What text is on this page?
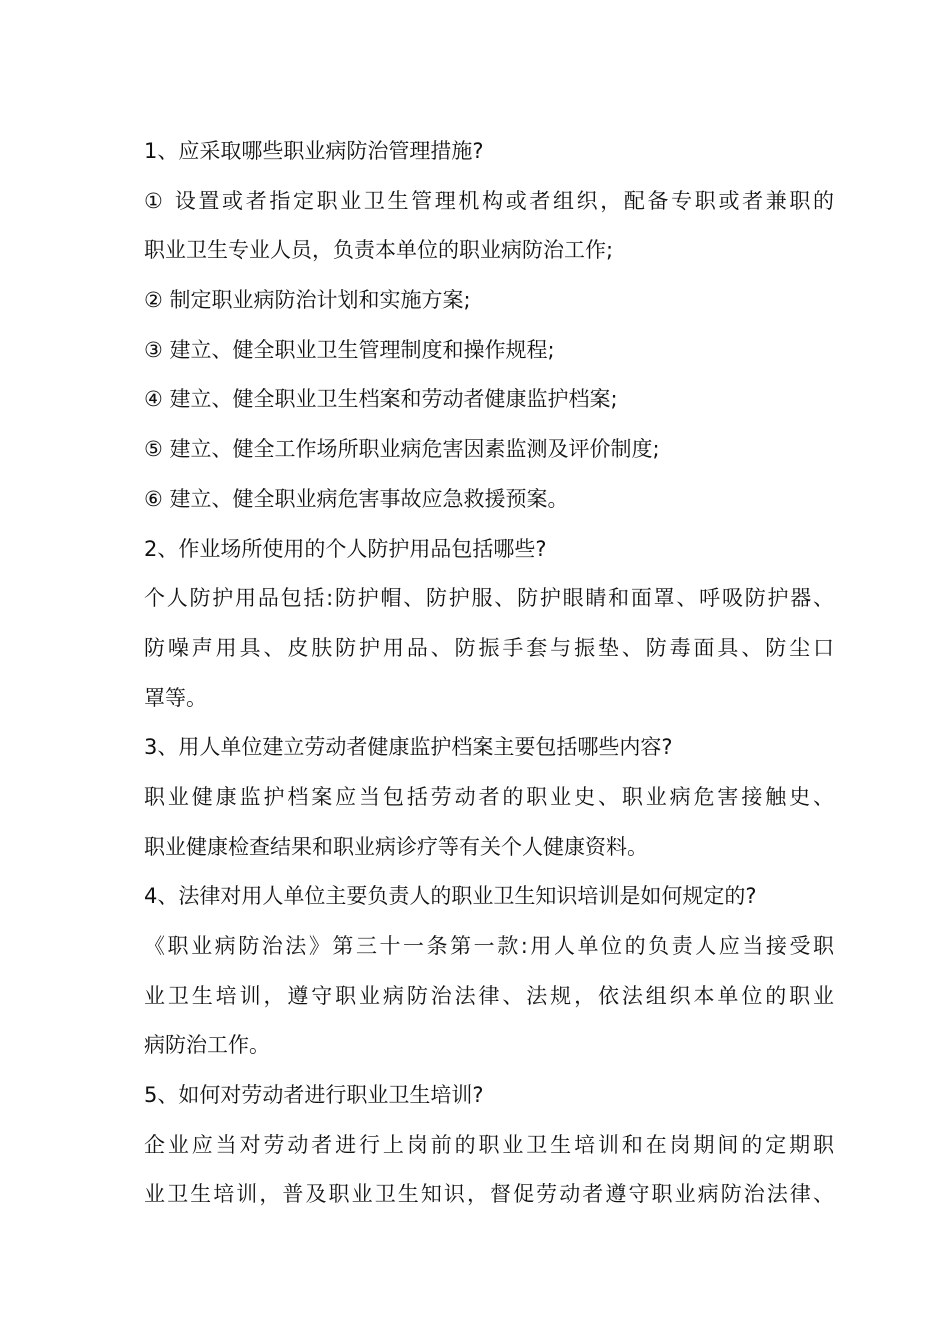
1、应采取哪些职业病防治管理措施?
① 设置或者指定职业卫生管理机构或者组织，配备专职或者兼职的
职业卫生专业人员，负责本单位的职业病防治工作;
② 制定职业病防治计划和实施方案;
③ 建立、健全职业卫生管理制度和操作规程;
④ 建立、健全职业卫生档案和劳动者健康监护档案;
⑤ 建立、健全工作场所职业病危害因素监测及评价制度;
⑥ 建立、健全职业病危害事故应急救援预案。
2、作业场所使用的个人防护用品包括哪些?
个人防护用品包括:防护帽、防护服、防护眼睛和面罩、呼吸防护器、
防噪声用具、皮肤防护用品、防振手套与振垫、防毒面具、防尘口
罩等。
3、用人单位建立劳动者健康监护档案主要包括哪些内容?
职业健康监护档案应当包括劳动者的职业史、职业病危害接触史、
职业健康检查结果和职业病诊疗等有关个人健康资料。
4、法律对用人单位主要负责人的职业卫生知识培训是如何规定的?
《职业病防治法》第三十一条第一款:用人单位的负责人应当接受职
业卫生培训，遵守职业病防治法律、法规，依法组织本单位的职业
病防治工作。
5、如何对劳动者进行职业卫生培训?
企业应当对劳动者进行上岗前的职业卫生培训和在岗期间的定期职
业卫生培训，普及职业卫生知识，督促劳动者遵守职业病防治法律、
